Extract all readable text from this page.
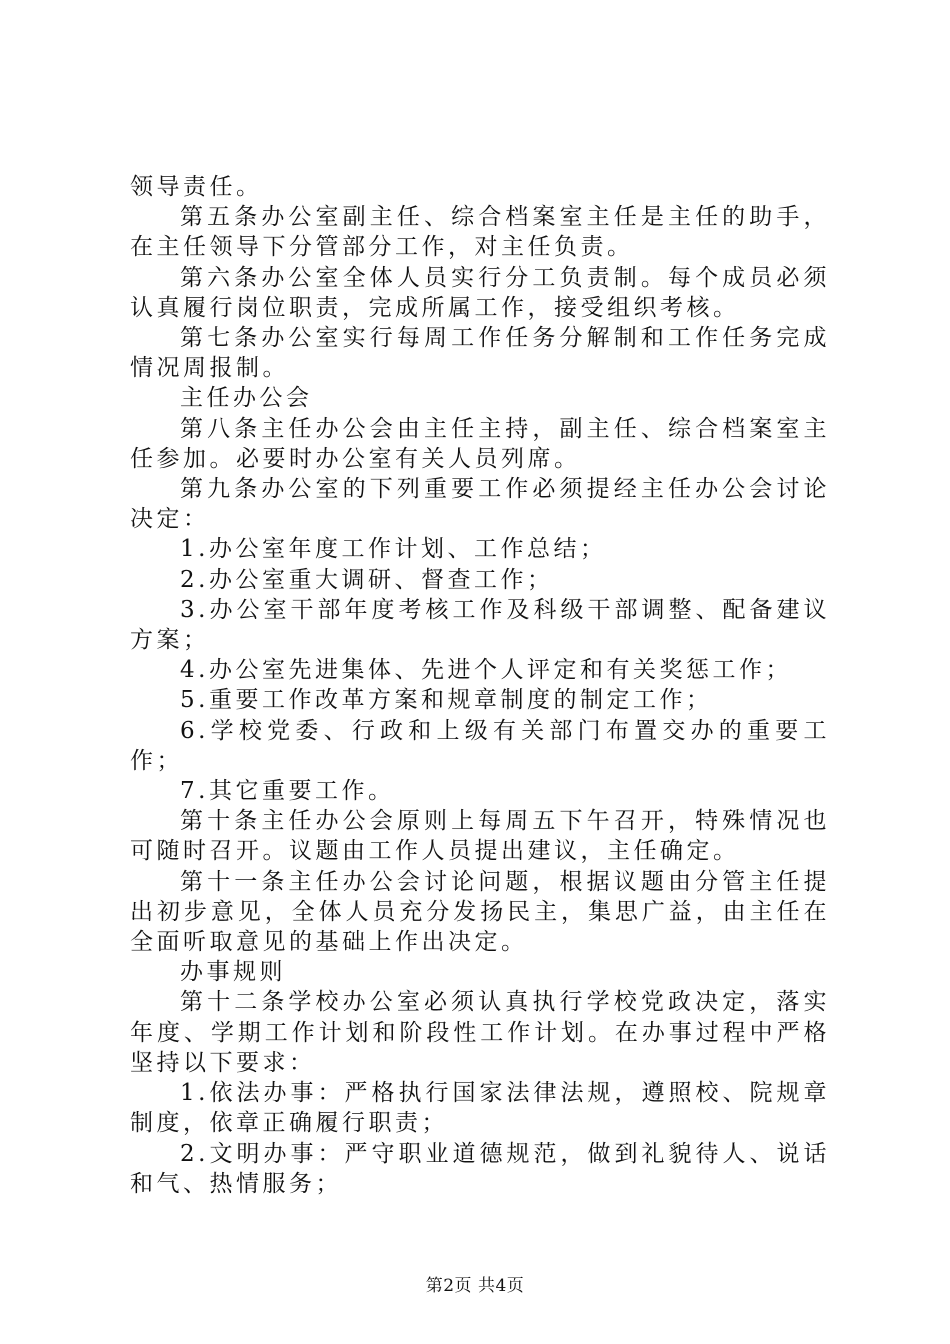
领导责任。

第五条办公室副主任、综合档案室主任是主任的助手，在主任领导下分管部分工作，对主任负责。

第六条办公室全体人员实行分工负责制。每个成员必须认真履行岗位职责，完成所属工作，接受组织考核。

第七条办公室实行每周工作任务分解制和工作任务完成情况周报制。

主任办公会

第八条主任办公会由主任主持，副主任、综合档案室主任参加。必要时办公室有关人员列席。

第九条办公室的下列重要工作必须提经主任办公会讨论决定：

1.办公室年度工作计划、工作总结；

2.办公室重大调研、督查工作；

3.办公室干部年度考核工作及科级干部调整、配备建议方案；

4.办公室先进集体、先进个人评定和有关奖惩工作；

5.重要工作改革方案和规章制度的制定工作；

6.学校党委、行政和上级有关部门布置交办的重要工作；

7.其它重要工作。

第十条主任办公会原则上每周五下午召开，特殊情况也可随时召开。议题由工作人员提出建议，主任确定。

第十一条主任办公会讨论问题，根据议题由分管主任提出初步意见，全体人员充分发扬民主，集思广益，由主任在全面听取意见的基础上作出决定。

办事规则

第十二条学校办公室必须认真执行学校党政决定，落实年度、学期工作计划和阶段性工作计划。在办事过程中严格坚持以下要求：

1.依法办事：严格执行国家法律法规，遵照校、院规章制度，依章正确履行职责；

2.文明办事：严守职业道德规范，做到礼貌待人、说话和气、热情服务；

第2页 共4页
